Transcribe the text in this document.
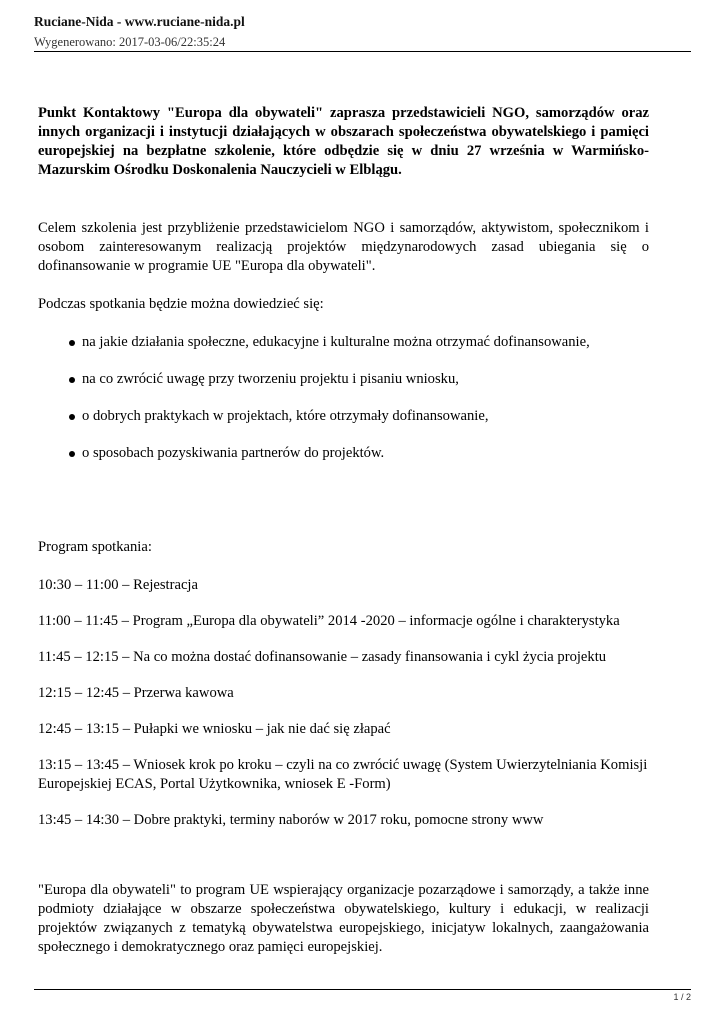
Ruciane-Nida - www.ruciane-nida.pl
Wygenerowano: 2017-03-06/22:35:24

Punkt Kontaktowy "Europa dla obywateli" zaprasza przedstawicieli NGO, samorządów oraz innych organizacji i instytucji działających w obszarach społeczeństwa obywatelskiego i pamięci europejskiej na bezpłatne szkolenie, które odbędzie się w dniu 27 września w Warmińsko-Mazurskim Ośrodku Doskonalenia Nauczycieli w Elblągu.

Celem szkolenia jest przybliżenie przedstawicielom NGO i samorządów, aktywistom, społecznikom i osobom zainteresowanym realizacją projektów międzynarodowych zasad ubiegania się o dofinansowanie w programie UE "Europa dla obywateli".

Podczas spotkania będzie można dowiedzieć się:

na jakie działania społeczne, edukacyjne i kulturalne można otrzymać dofinansowanie,
na co zwrócić uwagę przy tworzeniu projektu i pisaniu wniosku,
o dobrych praktykach w projektach, które otrzymały dofinansowanie,
o sposobach pozyskiwania partnerów do projektów.

Program spotkania:

10:30 – 11:00 – Rejestracja
11:00 – 11:45 – Program „Europa dla obywateli” 2014 -2020 – informacje ogólne i charakterystyka
11:45 – 12:15 – Na co można dostać dofinansowanie – zasady finansowania i cykl życia projektu
12:15 – 12:45 – Przerwa kawowa
12:45 – 13:15 – Pułapki we wniosku – jak nie dać się złapać
13:15 – 13:45 – Wniosek krok po kroku – czyli na co zwrócić uwagę (System Uwierzytelniania Komisji Europejskiej ECAS, Portal Użytkownika, wniosek E -Form)
13:45 – 14:30 – Dobre praktyki, terminy naborów w 2017 roku, pomocne strony www

"Europa dla obywateli" to program UE wspierający organizacje pozarządowe i samorządy, a także inne podmioty działające w obszarze społeczeństwa obywatelskiego, kultury i edukacji, w realizacji projektów związanych z tematyką obywatelstwa europejskiego, inicjatyw lokalnych, zaangażowania społecznego i demokratycznego oraz pamięci europejskiej.

1 / 2
